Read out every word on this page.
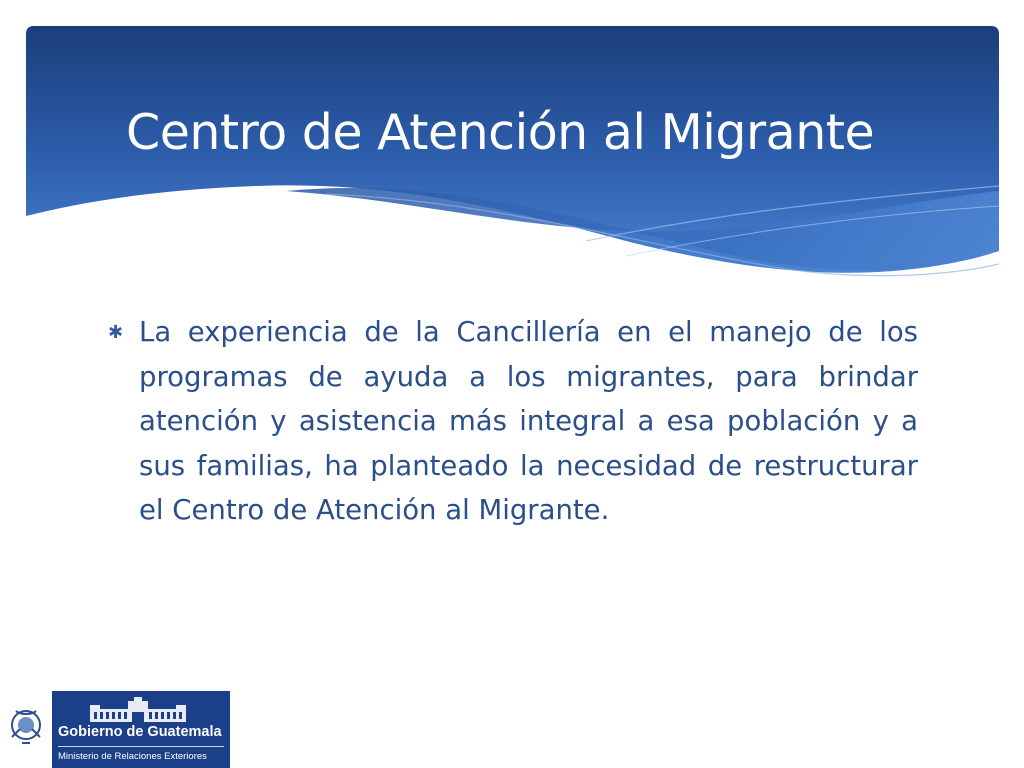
Centro de Atención al Migrante
✱ La experiencia de la Cancillería en el manejo de los programas de ayuda a los migrantes, para brindar atención y asistencia más integral a esa población y a sus familias, ha planteado la necesidad de restructurar el Centro de Atención al Migrante.
Gobierno de Guatemala
Ministerio de Relaciones Exteriores
